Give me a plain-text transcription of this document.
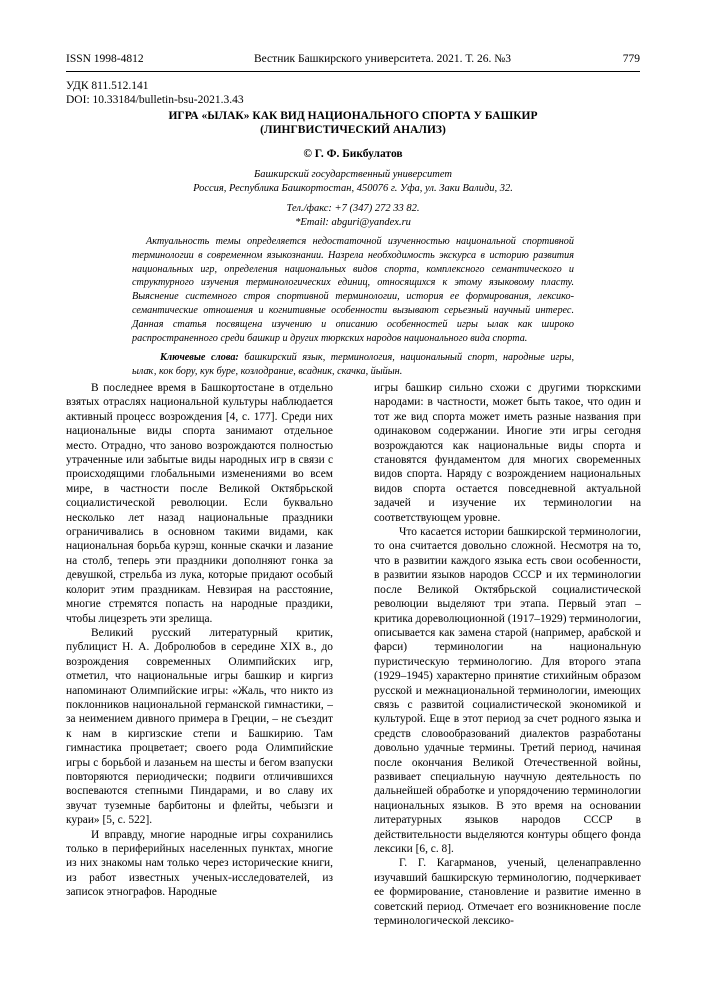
ISSN 1998-4812	Вестник Башкирского университета. 2021. Т. 26. №3	779
УДК 811.512.141
DOI: 10.33184/bulletin-bsu-2021.3.43
ИГРА «ЫЛАК» КАК ВИД НАЦИОНАЛЬНОГО СПОРТА У БАШКИР
(ЛИНГВИСТИЧЕСКИЙ АНАЛИЗ)
© Г. Ф. Бикбулатов
Башкирский государственный университет
Россия, Республика Башкортостан, 450076 г. Уфа, ул. Заки Валиди, 32.
Тел./факс: +7 (347) 272 33 82.
*Email: abguri@yandex.ru

Актуальность темы определяется недостаточной изученностью национальной спортивной терминологии в современном языкознании. Назрела необходимость экскурса в историю развития национальных игр, определения национальных видов спорта, комплексного семантического и структурного изучения терминологических единиц, относящихся к этому языковому пласту. Выяснение системного строя спортивной терминологии, история ее формирования, лексико-семантические отношения и когнитивные особенности вызывают серьезный научный интерес. Данная статья посвящена изучению и описанию особенностей игры ылак как широко распространенного среди башкир и других тюркских народов национального вида спорта.

Ключевые слова: башкирский язык, терминология, национальный спорт, народные игры, ылаҡ, кок бору, кук буре, козлодрание, всадник, скачка, йыйын.

В последнее время в Башкортостане в отдельно взятых отраслях национальной культуры наблюдается активный процесс возрождения [4, с. 177]. Среди них национальные виды спорта занимают отдельное место. Отрадно, что заново возрождаются полностью утраченные или забытые виды народных игр в связи с происходящими глобальными изменениями во всем мире, в частности после Великой Октябрьской социалистической революции. Если буквально несколько лет назад национальные праздники ограничивались в основном такими видами, как национальная борьба курэш, конные скачки и лазание на столб, теперь эти праздники дополняют гонка за девушкой, стрельба из лука, которые придают особый колорит этим праздникам. Невзирая на расстояние, многие стремятся попасть на народные праздики, чтобы лицезреть эти зрелища.

Великий русский литературный критик, публицист Н. А. Добролюбов в середине XIX в., до возрождения современных Олимпийских игр, отметил, что национальные игры башкир и киргиз напоминают Олимпийские игры: «Жаль, что никто из поклонников национальной германской гимнастики, – за неимением дивного примера в Греции, – не съездит к нам в киргизские степи и Башкирию. Там гимнастика процветает; своего рода Олимпийские игры с борьбой и лазаньем на шесты и бегом взапуски повторяются периодически; подвиги отличившихся воспеваются степными Пиндарами, и во славу их звучат туземные барбитоны и флейты, чебызги и кураи» [5, с. 522].

И вправду, многие народные игры сохранились только в периферийных населенных пунктах, многие из них знакомы нам только через исторические книги, из работ известных ученых-исследователей, из записок этнографов. Народные

игры башкир сильно схожи с другими тюркскими народами: в частности, может быть такое, что один и тот же вид спорта может иметь разные названия при одинаковом содержании. Иногие эти игры сегодня возрождаются как национальные виды спорта и становятся фундаментом для многих своременных видов спорта. Наряду с возрождением национальных видов спорта остается повседневной актуальной задачей и изучение их терминологии на соответствующем уровне.

Что касается истории башкирской терминологии, то она считается довольно сложной. Несмотря на то, что в развитии каждого языка есть свои особенности, в развитии языков народов СССР и их терминологии после Великой Октябрьской социалистической революции выделяют три этапа. Первый этап – критика дореволюционной (1917–1929) терминологии, описывается как замена старой (например, арабской и фарси) терминологии на национальную пуристическую терминологию. Для второго этапа (1929–1945) характерно принятие стихийным образом русской и межнациональной терминологии, имеющих связь с развитой социалистической экономикой и культурой. Еще в этот период за счет родного языка и средств словообразований диалектов разработаны довольно удачные термины. Третий период, начиная после окончания Великой Отечественной войны, развивает специальную научную деятельность по дальнейшей обработке и упорядочению терминологии национальных языков. В это время на основании литературных языков народов СССР в действительности выделяются контуры общего фонда лексики [6, с. 8].

Г. Г. Кагарманов, ученый, целенаправленно изучавший башкирскую терминологию, подчеркивает ее формирование, становление и развитие именно в советский период. Отмечает его возникновение после терминологической лексико-
